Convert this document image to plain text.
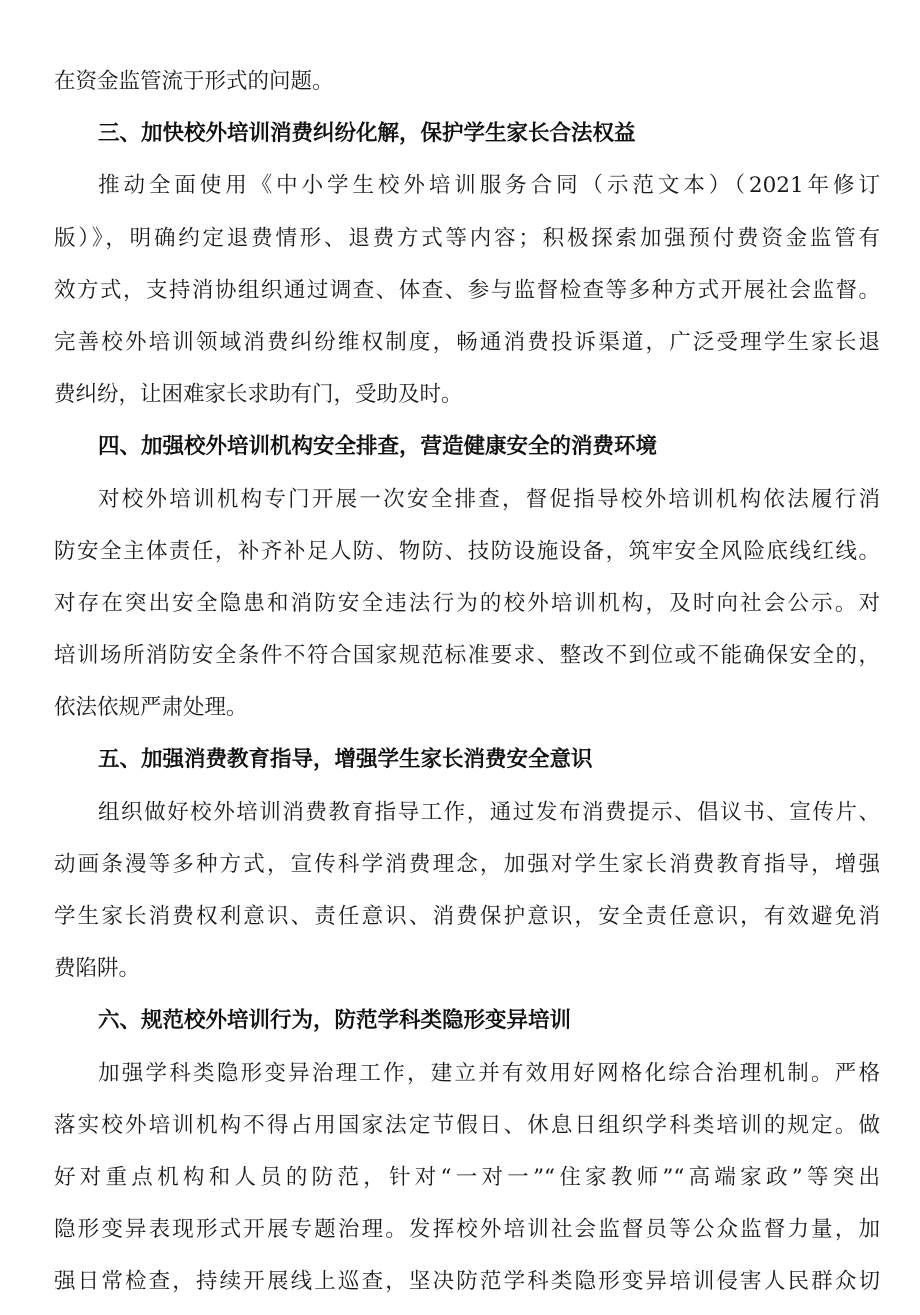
在资金监管流于形式的问题。
三、加快校外培训消费纠纷化解，保护学生家长合法权益
推动全面使用《中小学生校外培训服务合同（示范文本）（2021年修订
版）》，明确约定退费情形、退费方式等内容；积极探索加强预付费资金监管有
效方式，支持消协组织通过调查、体查、参与监督检查等多种方式开展社会监督。
完善校外培训领域消费纠纷维权制度，畅通消费投诉渠道，广泛受理学生家长退
费纠纷，让困难家长求助有门，受助及时。
四、加强校外培训机构安全排查，营造健康安全的消费环境
对校外培训机构专门开展一次安全排查，督促指导校外培训机构依法履行消
防安全主体责任，补齐补足人防、物防、技防设施设备，筑牢安全风险底线红线。
对存在突出安全隐患和消防安全违法行为的校外培训机构，及时向社会公示。对
培训场所消防安全条件不符合国家规范标准要求、整改不到位或不能确保安全的，
依法依规严肃处理。
五、加强消费教育指导，增强学生家长消费安全意识
组织做好校外培训消费教育指导工作，通过发布消费提示、倡议书、宣传片、
动画条漫等多种方式，宣传科学消费理念，加强对学生家长消费教育指导，增强
学生家长消费权利意识、责任意识、消费保护意识，安全责任意识，有效避免消
费陷阱。
六、规范校外培训行为，防范学科类隐形变异培训
加强学科类隐形变异治理工作，建立并有效用好网格化综合治理机制。严格
落实校外培训机构不得占用国家法定节假日、休息日组织学科类培训的规定。做
好对重点机构和人员的防范，针对“一对一”“住家教师”“高端家政”等突出
隐形变异表现形式开展专题治理。发挥校外培训社会监督员等公众监督力量，加
强日常检查，持续开展线上巡查，坚决防范学科类隐形变异培训侵害人民群众切
